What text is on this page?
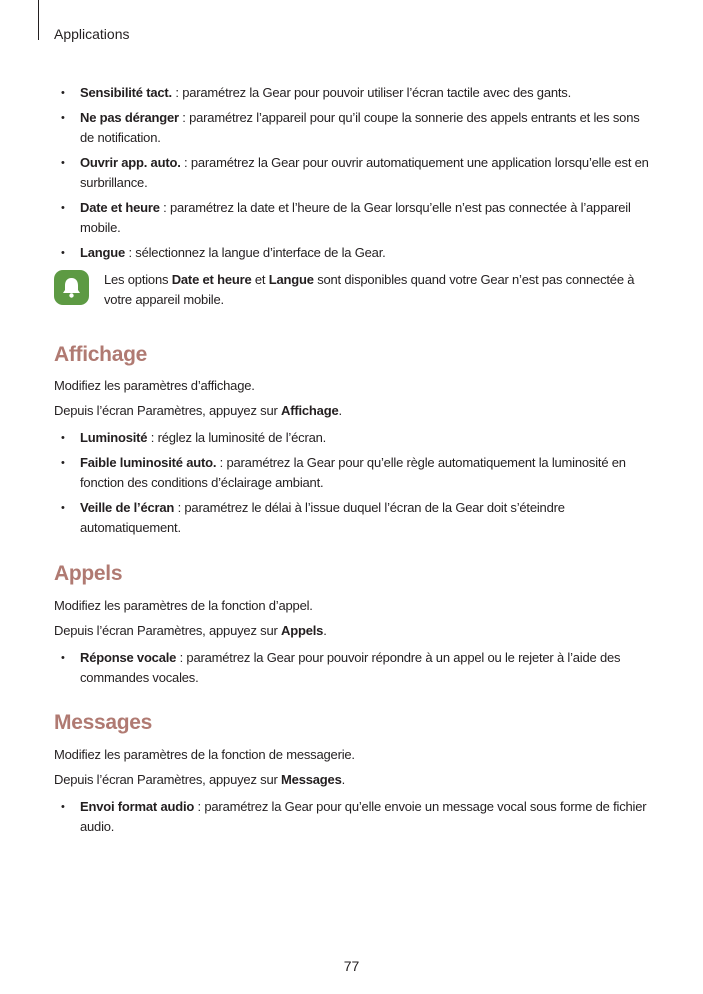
Applications
• Sensibilité tact. : paramétrez la Gear pour pouvoir utiliser l’écran tactile avec des gants.
• Ne pas déranger : paramétrez l’appareil pour qu’il coupe la sonnerie des appels entrants et les sons de notification.
• Ouvrir app. auto. : paramétrez la Gear pour ouvrir automatiquement une application lorsqu’elle est en surbrillance.
• Date et heure : paramétrez la date et l’heure de la Gear lorsqu’elle n’est pas connectée à l’appareil mobile.
• Langue : sélectionnez la langue d’interface de la Gear.
Les options Date et heure et Langue sont disponibles quand votre Gear n’est pas connectée à votre appareil mobile.
Affichage
Modifiez les paramètres d’affichage.
Depuis l’écran Paramètres, appuyez sur Affichage.
• Luminosité : réglez la luminosité de l’écran.
• Faible luminosité auto. : paramétrez la Gear pour qu’elle règle automatiquement la luminosité en fonction des conditions d’éclairage ambiant.
• Veille de l’écran : paramétrez le délai à l’issue duquel l’écran de la Gear doit s’éteindre automatiquement.
Appels
Modifiez les paramètres de la fonction d’appel.
Depuis l’écran Paramètres, appuyez sur Appels.
• Réponse vocale : paramétrez la Gear pour pouvoir répondre à un appel ou le rejeter à l’aide des commandes vocales.
Messages
Modifiez les paramètres de la fonction de messagerie.
Depuis l’écran Paramètres, appuyez sur Messages.
• Envoi format audio : paramétrez la Gear pour qu’elle envoie un message vocal sous forme de fichier audio.
77
